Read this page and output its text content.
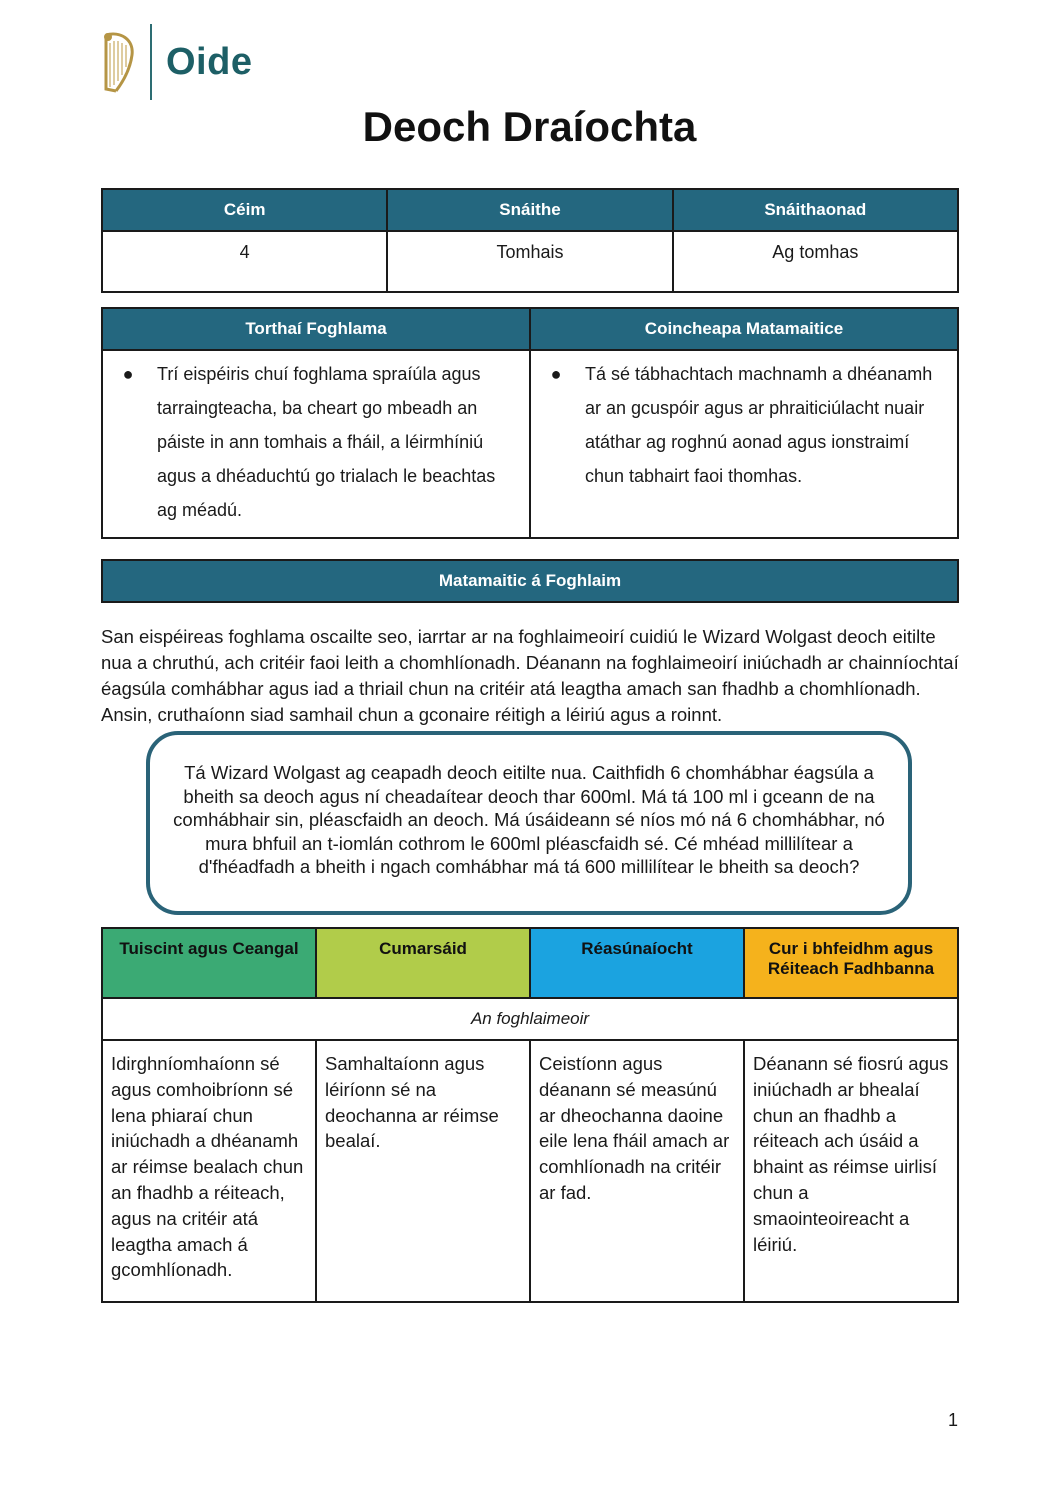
Oide
Deoch Draíochta
Céim	Snáithe	Snáithaonad
4	Tomhais	Ag tomhas
Torthaí Foghlama	Coincheapa Matamaitice

● Trí eispéiris chuí foghlama spraíúla agus tarraingteacha, ba cheart go mbeadh an páiste in ann tomhais a fháil, a léirmhíniú agus a dhéaduchtú go trialach le beachtas ag méadú.	● Tá sé tábhachtach machnamh a dhéanamh ar an gcuspóir agus ar phraiticiúlacht nuair atáthar ag roghnú aonad agus ionstraimí chun tabhairt faoi thomhas.
Matamaitic á Foghlaim
San eispéireas foghlama oscailte seo, iarrtar ar na foghlaimeoirí cuidiú le Wizard Wolgast deoch eitilte nua a chruthú, ach critéir faoi leith a chomhlíonadh. Déanann na foghlaimeoirí iniúchadh ar chainníochtaí éagsúla comhábhar agus iad a thriail chun na critéir atá leagtha amach san fhadhb a chomhlíonadh. Ansin, cruthaíonn siad samhail chun a gconaire réitigh a léiriú agus a roinnt.
Tá Wizard Wolgast ag ceapadh deoch eitilte nua. Caithfidh 6 chomhábhar éagsúla a bheith sa deoch agus ní cheadaítear deoch thar 600ml. Má tá 100 ml i gceann de na comhábhair sin, pléascfaidh an deoch. Má úsáideann sé níos mó ná 6 chomhábhar, nó mura bhfuil an t-iomlán cothrom le 600ml pléascfaidh sé. Cé mhéad millilítear a d'fhéadfadh a bheith i ngach comhábhar má tá 600 millilítear le bheith sa deoch?
Tuiscint agus Ceangal	Cumarsáid	Réasúnaíocht	Cur i bhfeidhm agus Réiteach Fadhbanna
An foghlaimeoir			
Idirghníomhaíonn sé agus comhoibríonn sé lena phiaraí chun iniúchadh a dhéanamh ar réimse bealach chun an fhadhb a réiteach, agus na critéir atá leagtha amach á gcomhlíonadh.	Samhaltaíonn agus léiríonn sé na deochanna ar réimse bealaí.	Ceistíonn agus déanann sé measúnú ar dheochanna daoine eile lena fháil amach ar comhlíonadh na critéir ar fad.	Déanann sé fiosrú agus iniúchadh ar bhealaí chun an fhadhb a réiteach ach úsáid a bhaint as réimse uirlisí chun a smaointeoireacht a léiriú.
1
